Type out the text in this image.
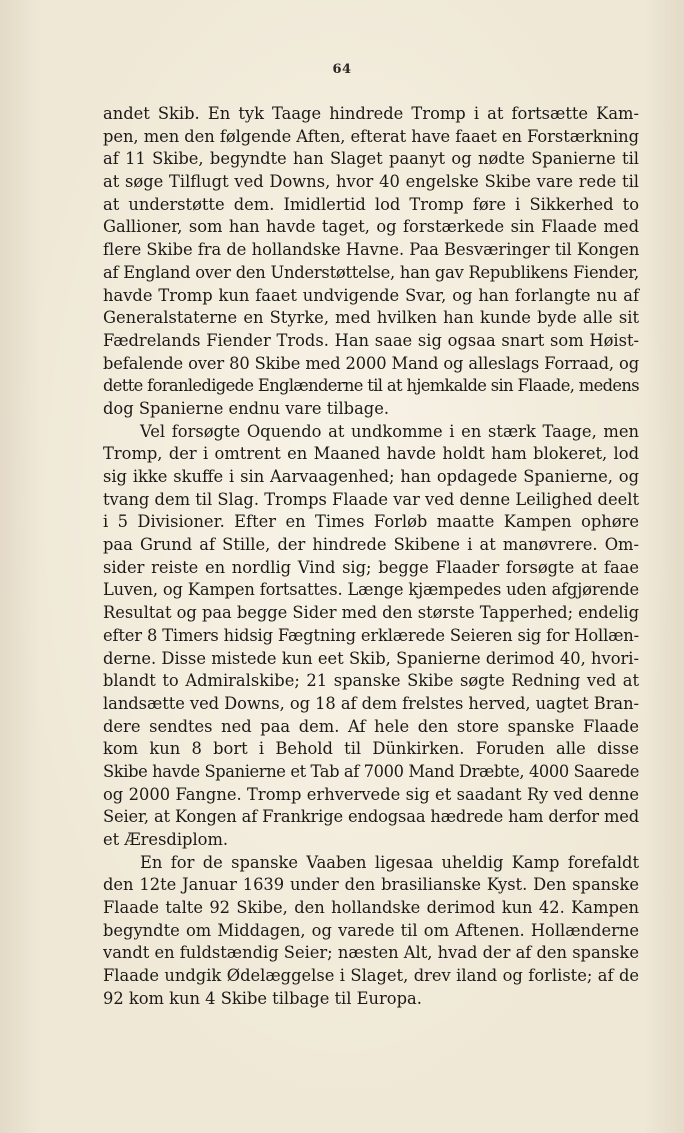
64
andet Skib. En tyk Taage hindrede Tromp i at fortsætte Kam-
pen, men den følgende Aften, efterat have faaet en Forstærkning
af 11 Skibe, begyndte han Slaget paanyt og nødte Spanierne til
at søge Tilflugt ved Downs, hvor 40 engelske Skibe vare rede til
at understøtte dem. Imidlertid lod Tromp føre i Sikkerhed to
Gallioner, som han havde taget, og forstærkede sin Flaade med
flere Skibe fra de hollandske Havne. Paa Besværinger til Kongen
af England over den Understøttelse, han gav Republikens Fiender,
havde Tromp kun faaet undvigende Svar, og han forlangte nu af
Generalstaterne en Styrke, med hvilken han kunde byde alle sit
Fædrelands Fiender Trods. Han saae sig ogsaa snart som Høist-
befalende over 80 Skibe med 2000 Mand og alleslags Forraad, og
dette foranledigede Englænderne til at hjemkalde sin Flaade, medens
dog Spanierne endnu vare tilbage.
Vel forsøgte Oquendo at undkomme i en stærk Taage, men
Tromp, der i omtrent en Maaned havde holdt ham blokeret, lod
sig ikke skuffe i sin Aarvaagenhed; han opdagede Spanierne, og
tvang dem til Slag. Tromps Flaade var ved denne Leilighed deelt
i 5 Divisioner. Efter en Times Forløb maatte Kampen ophøre
paa Grund af Stille, der hindrede Skibene i at manøvrere. Om-
sider reiste en nordlig Vind sig; begge Flaader forsøgte at faae
Luven, og Kampen fortsattes. Længe kjæmpedes uden afgjørende
Resultat og paa begge Sider med den største Tapperhed; endelig
efter 8 Timers hidsig Fægtning erklærede Seieren sig for Hollæn-
derne. Disse mistede kun eet Skib, Spanierne derimod 40, hvori-
blandt to Admiralskibe; 21 spanske Skibe søgte Redning ved at
landsætte ved Downs, og 18 af dem frelstes herved, uagtet Bran-
dere sendtes ned paa dem. Af hele den store spanske Flaade
kom kun 8 bort i Behold til Dünkirken. Foruden alle disse
Skibe havde Spanierne et Tab af 7000 Mand Dræbte, 4000 Saarede
og 2000 Fangne. Tromp erhvervede sig et saadant Ry ved denne
Seier, at Kongen af Frankrige endogsaa hædrede ham derfor med
et Æresdiplom.
En for de spanske Vaaben ligesaa uheldig Kamp forefaldt
den 12te Januar 1639 under den brasilianske Kyst. Den spanske
Flaade talte 92 Skibe, den hollandske derimod kun 42. Kampen
begyndte om Middagen, og varede til om Aftenen. Hollænderne
vandt en fuldstændig Seier; næsten Alt, hvad der af den spanske
Flaade undgik Ødelæggelse i Slaget, drev iland og forliste; af de
92 kom kun 4 Skibe tilbage til Europa.
